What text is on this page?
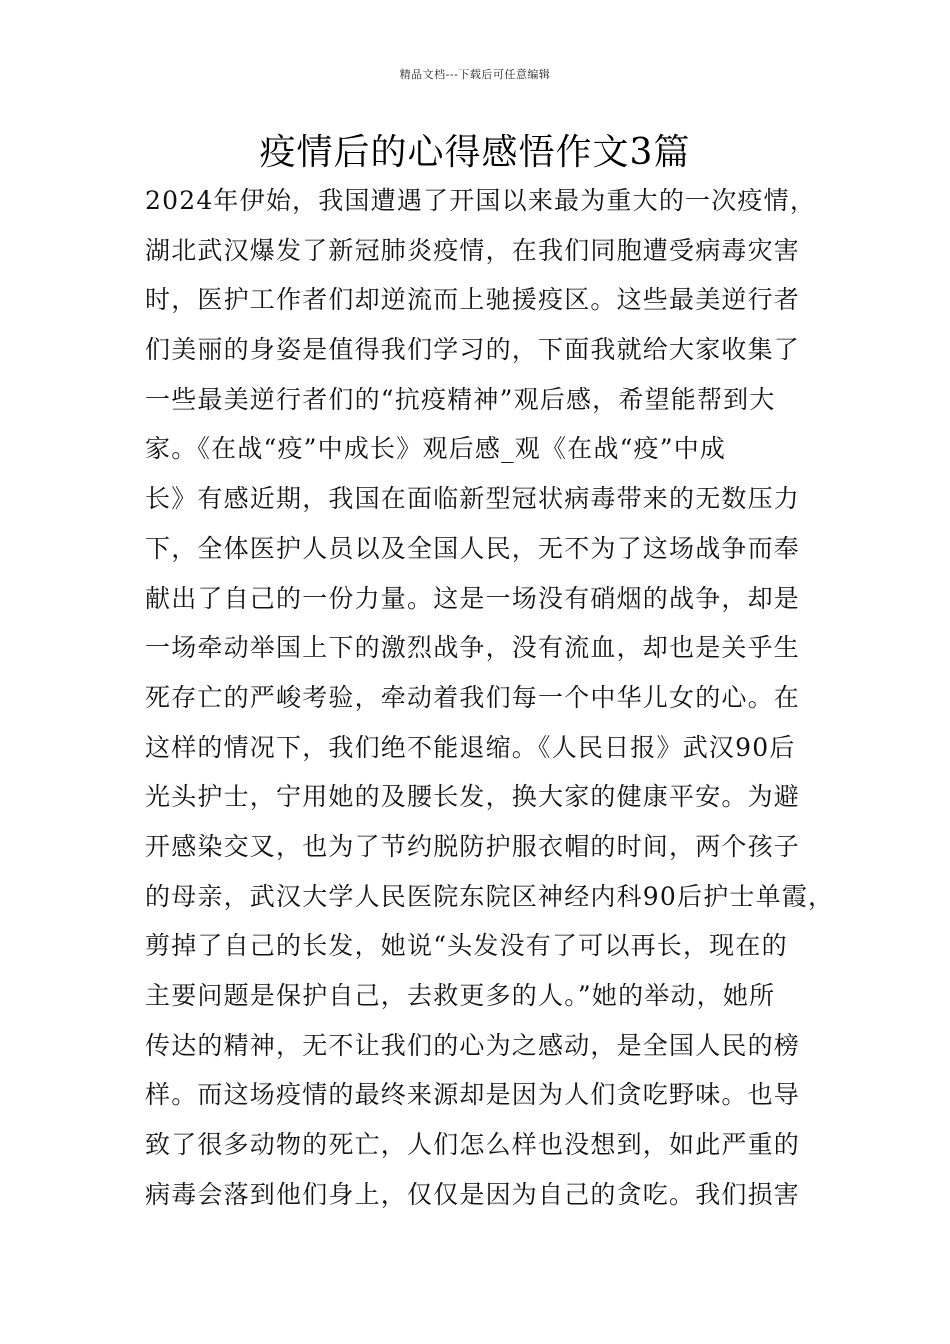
精品文档---下载后可任意编辑
疫情后的心得感悟作文3篇
2024年伊始，我国遭遇了开国以来最为重大的一次疫情，
湖北武汉爆发了新冠肺炎疫情，在我们同胞遭受病毒灾害
时，医护工作者们却逆流而上驰援疫区。这些最美逆行者
们美丽的身姿是值得我们学习的，下面我就给大家收集了
一些最美逆行者们的“抗疫精神”观后感，希望能帮到大
家。《在战“疫”中成长》观后感_观《在战“疫”中成
长》有感近期，我国在面临新型冠状病毒带来的无数压力
下，全体医护人员以及全国人民，无不为了这场战争而奉
献出了自己的一份力量。这是一场没有硝烟的战争，却是
一场牵动举国上下的激烈战争，没有流血，却也是关乎生
死存亡的严峻考验，牵动着我们每一个中华儿女的心。在
这样的情况下，我们绝不能退缩。《人民日报》武汉90后
光头护士，宁用她的及腰长发，换大家的健康平安。为避
开感染交叉，也为了节约脱防护服衣帽的时间，两个孩子
的母亲，武汉大学人民医院东院区神经内科90后护士单霞，
剪掉了自己的长发，她说“头发没有了可以再长，现在的
主要问题是保护自己，去救更多的人。”她的举动，她所
传达的精神，无不让我们的心为之感动，是全国人民的榜
样。而这场疫情的最终来源却是因为人们贪吃野味。也导
致了很多动物的死亡，人们怎么样也没想到，如此严重的
病毒会落到他们身上，仅仅是因为自己的贪吃。我们损害
